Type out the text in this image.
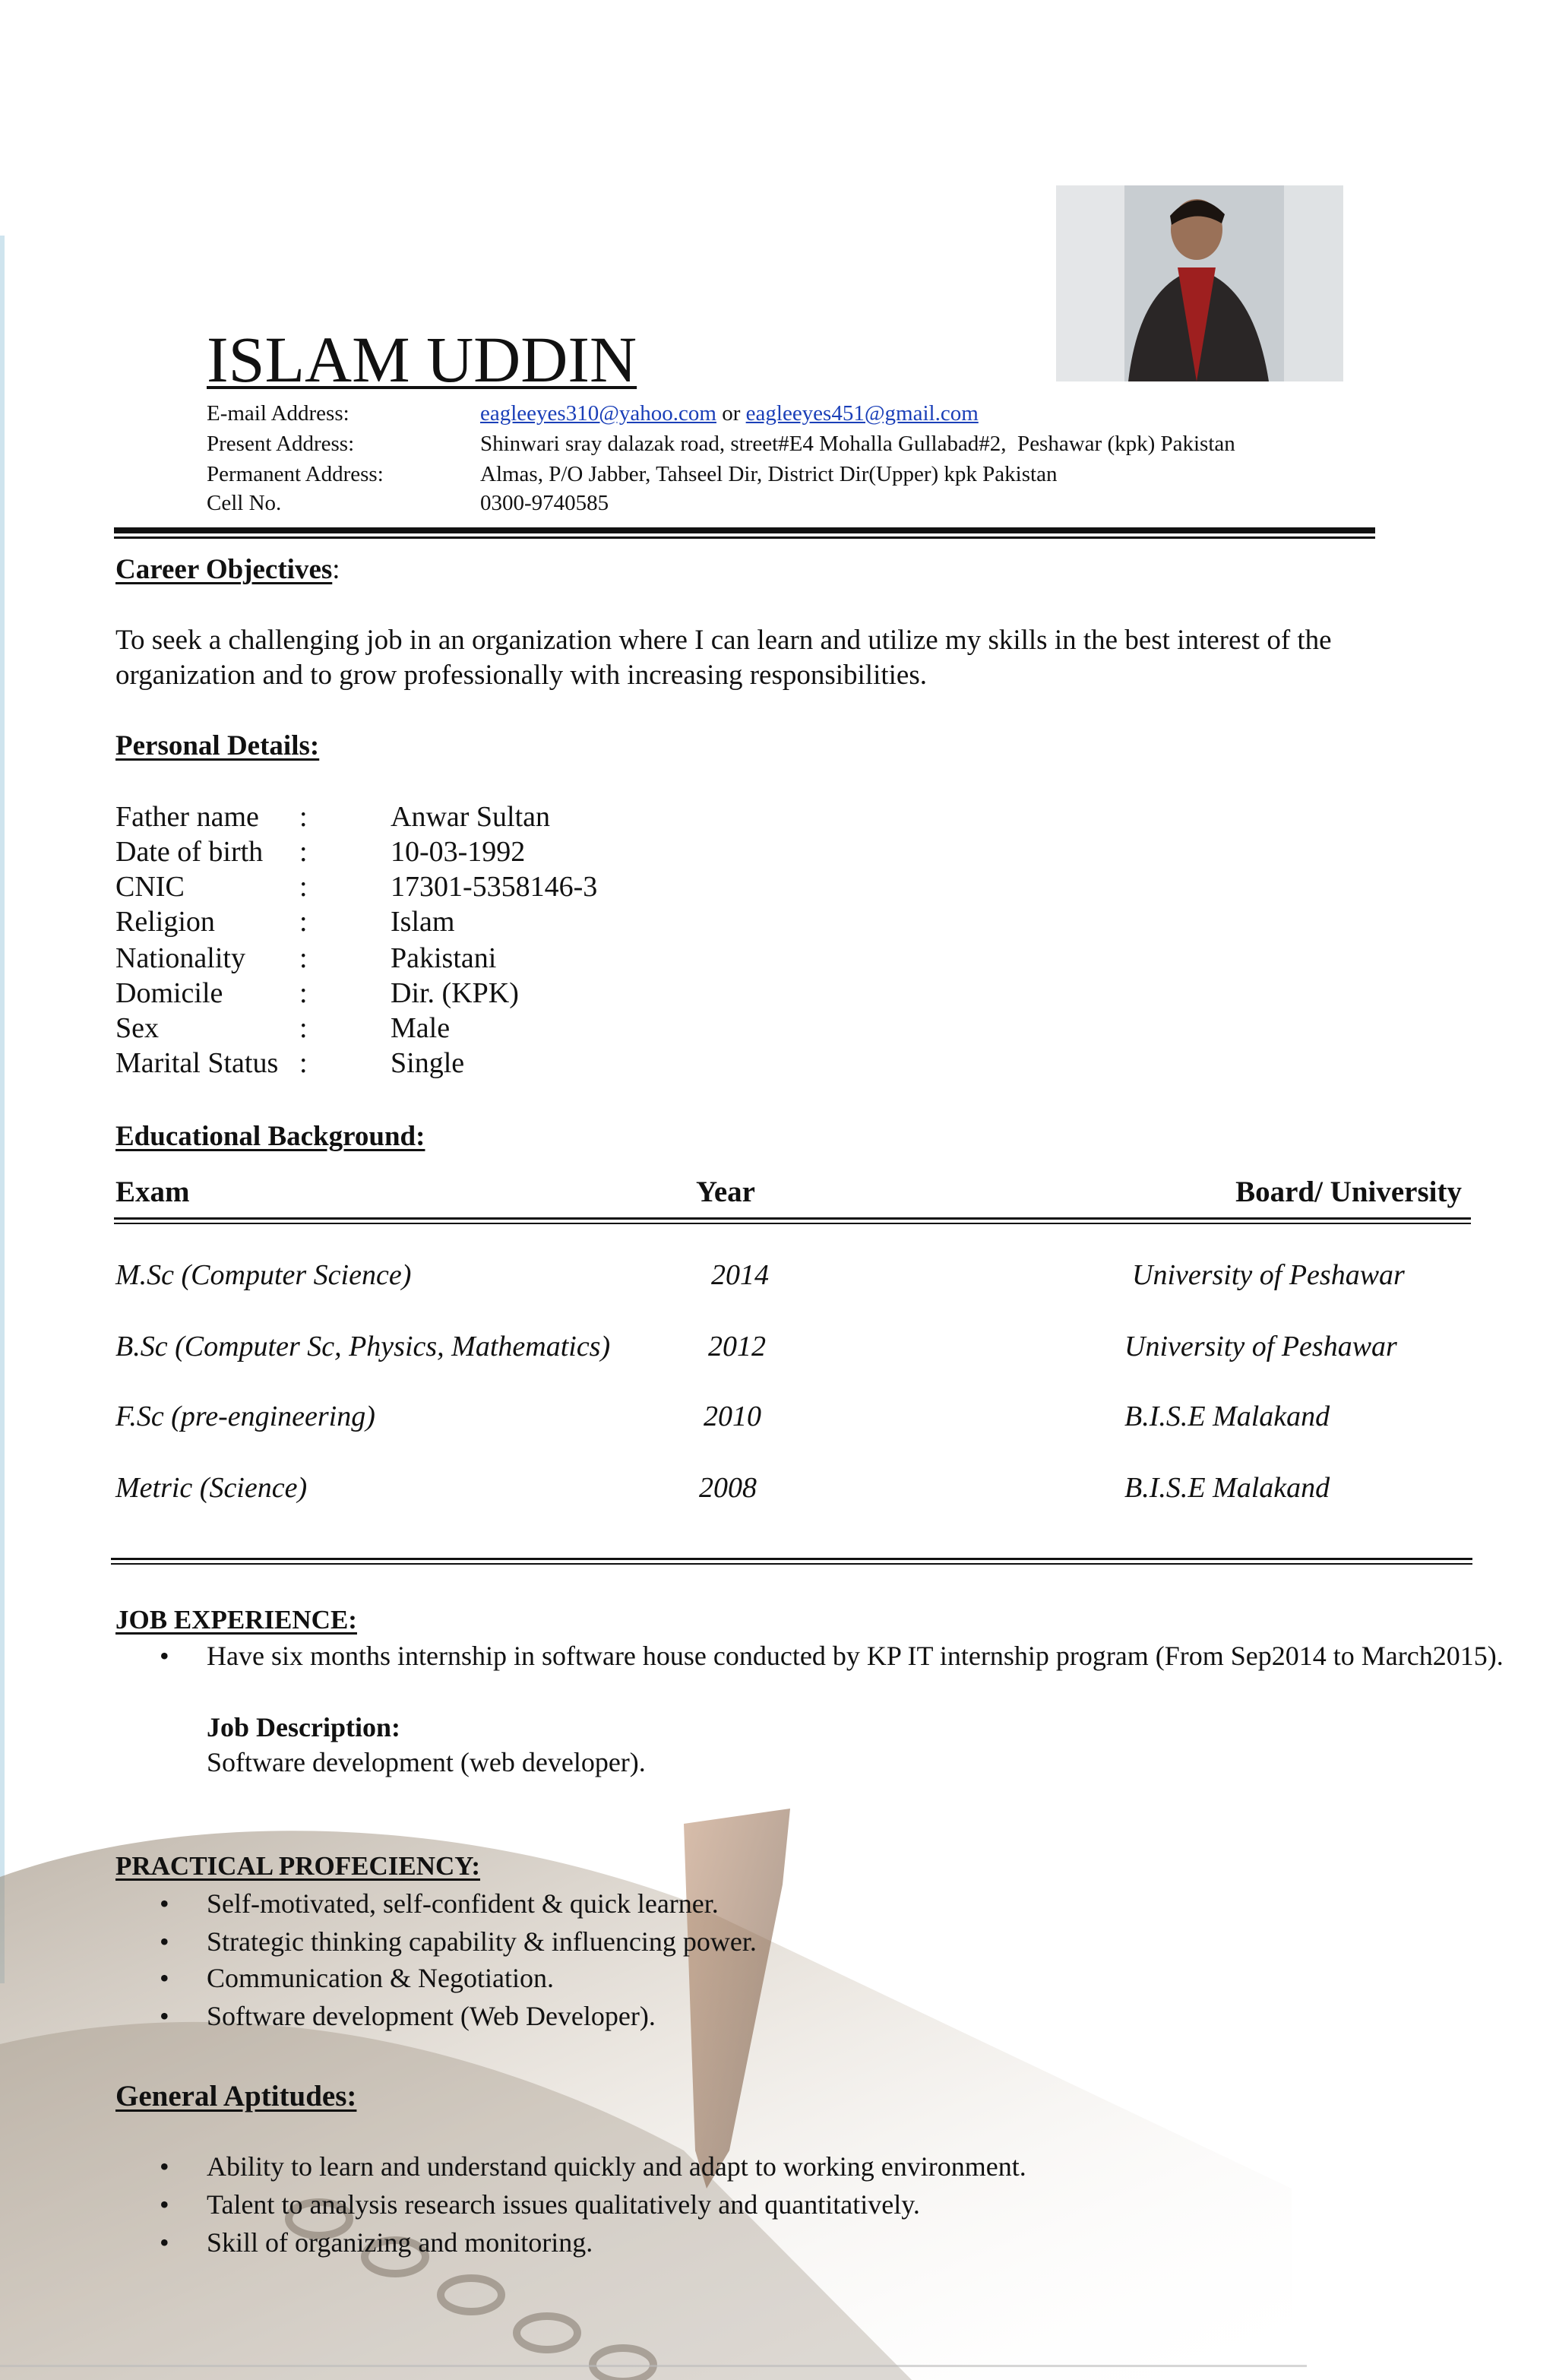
ISLAM UDDIN
E-mail Address:	eagleeyes310@yahoo.com or eagleeyes451@gmail.com
Present Address:	Shinwari sray dalazak road, street#E4 Mohalla Gullabad#2,  Peshawar (kpk) Pakistan
Permanent Address:	Almas, P/O Jabber, Tahseel Dir, District Dir(Upper) kpk Pakistan
Cell No.	0300-9740585
Career Objectives:
To seek a challenging job in an organization where I can learn and utilize my skills in the best interest of the organization and to grow professionally with increasing responsibilities.
Personal Details:
Father name :	Anwar Sultan
Date of birth :	10-03-1992
CNIC	:	17301-5358146-3
Religion	:	Islam
Nationality :	Pakistani
Domicile	:	Dir. (KPK)
Sex	:	Male
Marital Status :	Single
Educational Background:
Exam	Year	Board/ University
M.Sc (Computer Science)	2014	University of Peshawar
B.Sc (Computer Sc, Physics, Mathematics)	2012	University of Peshawar
F.Sc (pre-engineering)	2010	B.I.S.E Malakand
Metric (Science)	2008	B.I.S.E Malakand
JOB EXPERIENCE:
•	Have six months internship in software house conducted by KP IT internship program (From Sep2014 to March2015).
Job Description:
Software development (web developer).
PRACTICAL PROFECIENCY:
•	Self-motivated, self-confident & quick learner.
•	Strategic thinking capability & influencing power.
•	Communication & Negotiation.
•	Software development (Web Developer).
General Aptitudes:
•	Ability to learn and understand quickly and adapt to working environment.
•	Talent to analysis research issues qualitatively and quantitatively.
•	Skill of organizing and monitoring.
